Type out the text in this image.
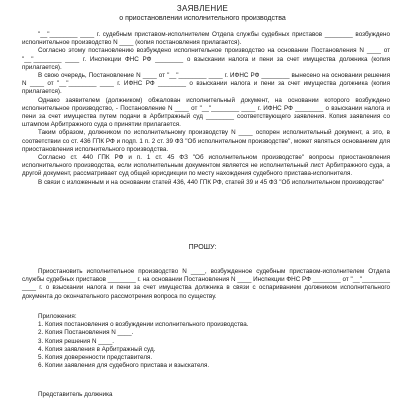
ЗАЯВЛЕНИЕ
о приостановлении исполнительного производства

"__"________ ____ г. судебным приставом-исполнителем Отдела службы судебных приставов ________ возбуждено исполнительное производство N ____ (копия постановления прилагается).

Согласно этому постановлению возбуждено исполнительное производство на основании Постановления N ____ от "__"________ ____ г. Инспекции ФНС РФ ________ о взыскании налога и пени за счет имущества должника (копия прилагается).

В свою очередь, Постановление N ____ от "__"________ ____ г. ИФНС РФ ________ вынесено на основании решения N ____ от "__"________ ____ г. ИФНС РФ ________ о взыскании налога и пени за счет имущества должника (копия прилагается).

Однако заявителем (должником) обжалован исполнительный документ, на основании которого возбуждено исполнительное производство, - Постановление N ____ от "__"________ ____ г. ИФНС РФ ________ о взыскании налога и пени за счет имущества путем подачи в Арбитражный суд ________ соответствующего заявления. Копия заявления со штампом Арбитражного суда о принятии прилагается.

Таким образом, должником по исполнительному производству N ____ оспорен исполнительный документ, а это, в соответствии со ст. 436 ГПК РФ и подп. 1 п. 2 ст. 39 ФЗ "Об исполнительном производстве", может являться основанием для приостановления исполнительного производства.

Согласно ст. 440 ГПК РФ и п. 1 ст. 45 ФЗ "Об исполнительном производстве" вопросы приостановления исполнительного производства, если исполнительным документом является не исполнительный лист Арбитражного суда, а другой документ, рассматривает суд общей юрисдикции по месту нахождения судебного пристава-исполнителя.

В связи с изложенным и на основании статей 436, 440 ГПК РФ, статей 39 и 45 ФЗ "Об исполнительном производстве"

ПРОШУ:

Приостановить исполнительное производство N ____, возбужденное судебным приставом-исполнителем Отдела службы судебных приставов ________ г. на основании Постановления N ____ Инспекции ФНС РФ ________ от "__"________ ____ г. о взыскании налога и пени за счет имущества должника в связи с оспариванием должником исполнительного документа до окончательного рассмотрения вопроса по существу.

Приложения:
1. Копия постановления о возбуждении исполнительного производства.
2. Копия Постановления N ____.
3. Копия решения N ____.
4. Копия заявления в Арбитражный суд.
5. Копия доверенности представителя.
6. Копии заявления для судебного пристава и взыскателя.
Представитель должника
